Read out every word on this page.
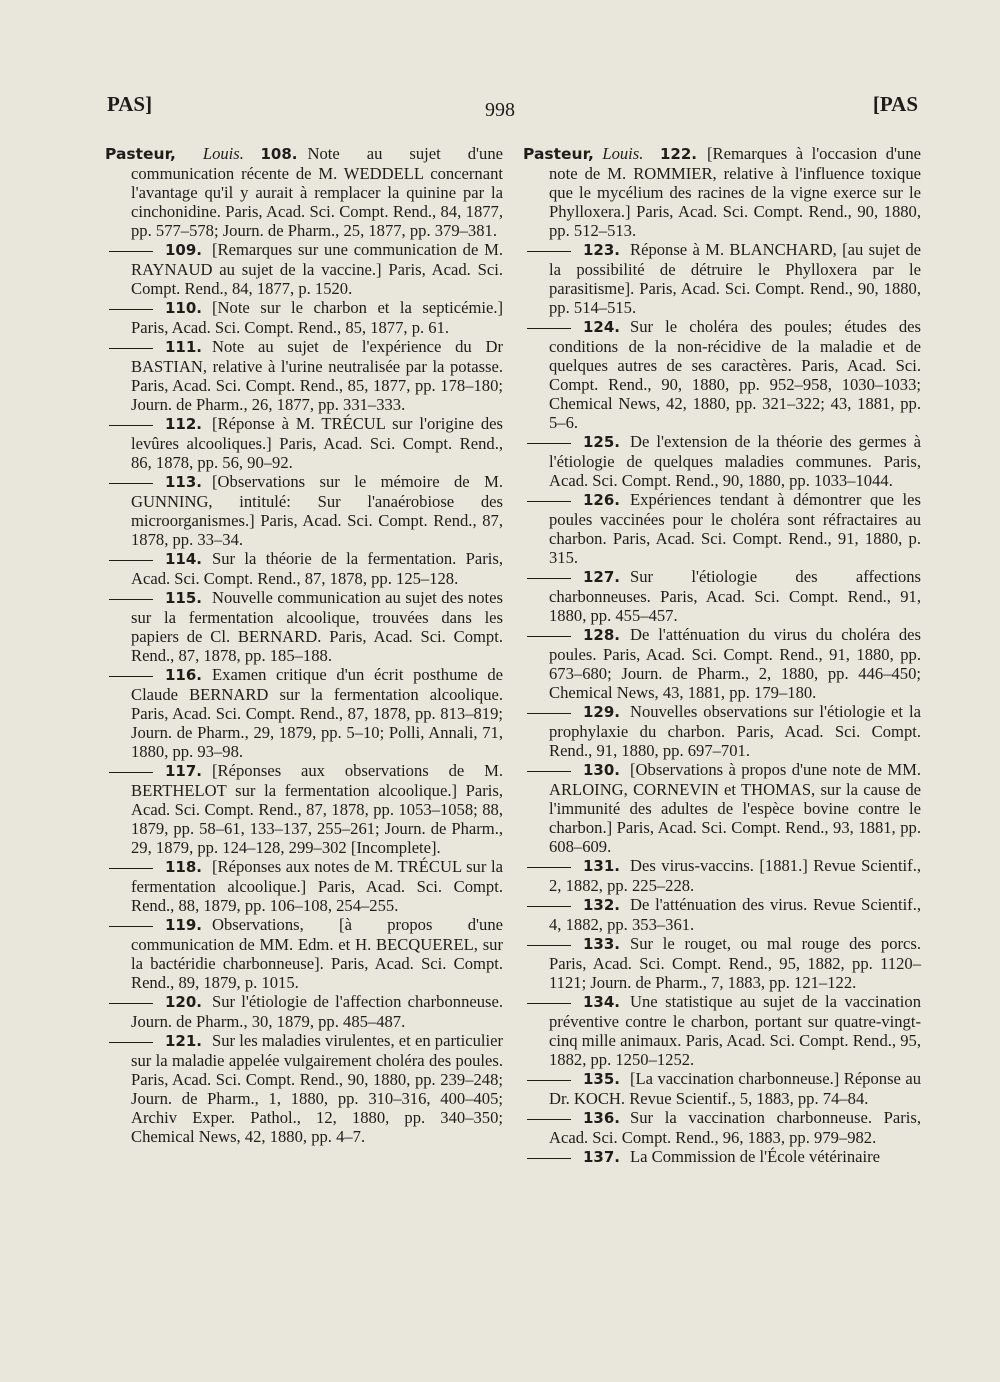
PAS]	998	[PAS

Pasteur, Louis.  108. Note au sujet d'une communication récente de M. WEDDELL concernant l'avantage qu'il y aurait à remplacer la quinine par la cinchonidine. Paris, Acad. Sci. Compt. Rend., 84, 1877, pp. 577–578; Journ. de Pharm., 25, 1877, pp. 379–381.

109. [Remarques sur une communication de M. RAYNAUD au sujet de la vaccine.] Paris, Acad. Sci. Compt. Rend., 84, 1877, p. 1520.

110. [Note sur le charbon et la septicémie.] Paris, Acad. Sci. Compt. Rend., 85, 1877, p. 61.

111. Note au sujet de l'expérience du Dr BASTIAN, relative à l'urine neutralisée par la potasse. Paris, Acad. Sci. Compt. Rend., 85, 1877, pp. 178–180; Journ. de Pharm., 26, 1877, pp. 331–333.

112. [Réponse à M. TRÉCUL sur l'origine des levûres alcooliques.] Paris, Acad. Sci. Compt. Rend., 86, 1878, pp. 56, 90–92.

113. [Observations sur le mémoire de M. GUNNING, intitulé: Sur l'anaérobiose des microorganismes.] Paris, Acad. Sci. Compt. Rend., 87, 1878, pp. 33–34.

114. Sur la théorie de la fermentation. Paris, Acad. Sci. Compt. Rend., 87, 1878, pp. 125–128.

115. Nouvelle communication au sujet des notes sur la fermentation alcoolique, trouvées dans les papiers de Cl. BERNARD. Paris, Acad. Sci. Compt. Rend., 87, 1878, pp. 185–188.

116. Examen critique d'un écrit posthume de Claude BERNARD sur la fermentation alcoolique. Paris, Acad. Sci. Compt. Rend., 87, 1878, pp. 813–819; Journ. de Pharm., 29, 1879, pp. 5–10; Polli, Annali, 71, 1880, pp. 93–98.

117. [Réponses aux observations de M. BERTHELOT sur la fermentation alcoolique.] Paris, Acad. Sci. Compt. Rend., 87, 1878, pp. 1053–1058; 88, 1879, pp. 58–61, 133–137, 255–261; Journ. de Pharm., 29, 1879, pp. 124–128, 299–302 [Incomplete].

118. [Réponses aux notes de M. TRÉCUL sur la fermentation alcoolique.] Paris, Acad. Sci. Compt. Rend., 88, 1879, pp. 106–108, 254–255.

119. Observations, [à propos d'une communication de MM. Edm. et H. BECQUEREL, sur la bactéridie charbonneuse]. Paris, Acad. Sci. Compt. Rend., 89, 1879, p. 1015.

120. Sur l'étiologie de l'affection charbonneuse. Journ. de Pharm., 30, 1879, pp. 485–487.

121. Sur les maladies virulentes, et en particulier sur la maladie appelée vulgairement choléra des poules. Paris, Acad. Sci. Compt. Rend., 90, 1880, pp. 239–248; Journ. de Pharm., 1, 1880, pp. 310–316, 400–405; Archiv Exper. Pathol., 12, 1880, pp. 340–350; Chemical News, 42, 1880, pp. 4–7.

Pasteur, Louis.  122. [Remarques à l'occasion d'une note de M. ROMMIER, relative à l'influence toxique que le mycélium des racines de la vigne exerce sur le Phylloxera.] Paris, Acad. Sci. Compt. Rend., 90, 1880, pp. 512–513.

123. Réponse à M. BLANCHARD, [au sujet de la possibilité de détruire le Phylloxera par le parasitisme]. Paris, Acad. Sci. Compt. Rend., 90, 1880, pp. 514–515.

124. Sur le choléra des poules; études des conditions de la non-récidive de la maladie et de quelques autres de ses caractères. Paris, Acad. Sci. Compt. Rend., 90, 1880, pp. 952–958, 1030–1033; Chemical News, 42, 1880, pp. 321–322; 43, 1881, pp. 5–6.

125. De l'extension de la théorie des germes à l'étiologie de quelques maladies communes. Paris, Acad. Sci. Compt. Rend., 90, 1880, pp. 1033–1044.

126. Expériences tendant à démontrer que les poules vaccinées pour le choléra sont réfractaires au charbon. Paris, Acad. Sci. Compt. Rend., 91, 1880, p. 315.

127. Sur l'étiologie des affections charbonneuses. Paris, Acad. Sci. Compt. Rend., 91, 1880, pp. 455–457.

128. De l'atténuation du virus du choléra des poules. Paris, Acad. Sci. Compt. Rend., 91, 1880, pp. 673–680; Journ. de Pharm., 2, 1880, pp. 446–450; Chemical News, 43, 1881, pp. 179–180.

129. Nouvelles observations sur l'étiologie et la prophylaxie du charbon. Paris, Acad. Sci. Compt. Rend., 91, 1880, pp. 697–701.

130. [Observations à propos d'une note de MM. ARLOING, CORNEVIN et THOMAS, sur la cause de l'immunité des adultes de l'espèce bovine contre le charbon.] Paris, Acad. Sci. Compt. Rend., 93, 1881, pp. 608–609.

131. Des virus-vaccins. [1881.] Revue Scientif., 2, 1882, pp. 225–228.

132. De l'atténuation des virus. Revue Scientif., 4, 1882, pp. 353–361.

133. Sur le rouget, ou mal rouge des porcs. Paris, Acad. Sci. Compt. Rend., 95, 1882, pp. 1120–1121; Journ. de Pharm., 7, 1883, pp. 121–122.

134. Une statistique au sujet de la vaccination préventive contre le charbon, portant sur quatre-vingt-cinq mille animaux. Paris, Acad. Sci. Compt. Rend., 95, 1882, pp. 1250–1252.

135. [La vaccination charbonneuse.] Réponse au Dr. KOCH. Revue Scientif., 5, 1883, pp. 74–84.

136. Sur la vaccination charbonneuse. Paris, Acad. Sci. Compt. Rend., 96, 1883, pp. 979–982.

137. La Commission de l'École vétérinaire
